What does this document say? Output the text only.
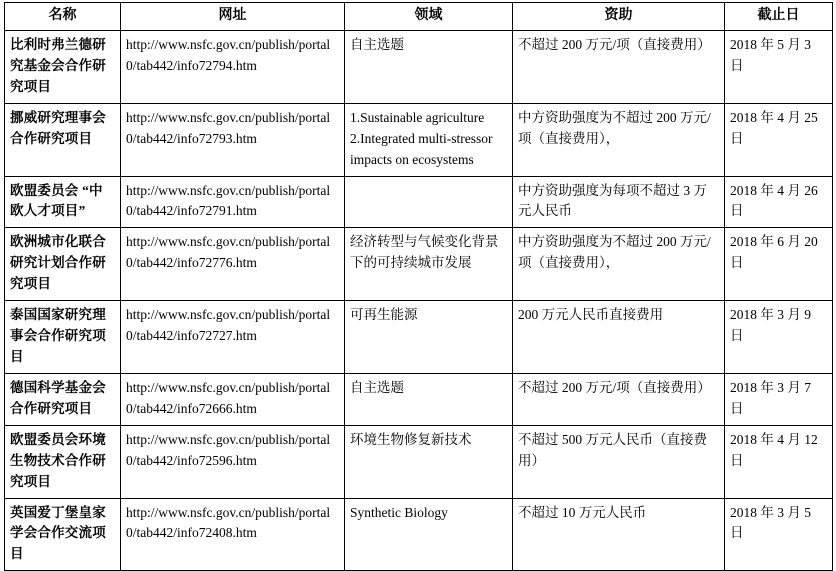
名称	网址	领域	资助	截止日
比利时弗兰德研究基金会合作研究项目	http://www.nsfc.gov.cn/publish/portal0/tab442/info72794.htm	自主选题	不超过 200 万元/项（直接费用）	2018 年 5 月 3 日
挪威研究理事会合作研究项目	http://www.nsfc.gov.cn/publish/portal0/tab442/info72793.htm	1.Sustainable agriculture 2.Integrated multi-stressor impacts on ecosystems	中方资助强度为不超过 200 万元/项（直接费用），	2018 年 4 月 25 日
欧盟委员会 “中欧人才项目”	http://www.nsfc.gov.cn/publish/portal0/tab442/info72791.htm		中方资助强度为每项不超过 3 万元人民币	2018 年 4 月 26 日
欧洲城市化联合研究计划合作研究项目	http://www.nsfc.gov.cn/publish/portal0/tab442/info72776.htm	经济转型与气候变化背景下的可持续城市发展	中方资助强度为不超过 200 万元/项（直接费用），	2018 年 6 月 20 日
泰国国家研究理事会合作研究项目	http://www.nsfc.gov.cn/publish/portal0/tab442/info72727.htm	可再生能源	200 万元人民币直接费用	2018 年 3 月 9 日
德国科学基金会合作研究项目	http://www.nsfc.gov.cn/publish/portal0/tab442/info72666.htm	自主选题	不超过 200 万元/项（直接费用）	2018 年 3 月 7 日
欧盟委员会环境生物技术合作研究项目	http://www.nsfc.gov.cn/publish/portal0/tab442/info72596.htm	环境生物修复新技术	不超过 500 万元人民币（直接费用）	2018 年 4 月 12 日
英国爱丁堡皇家学会合作交流项目	http://www.nsfc.gov.cn/publish/portal0/tab442/info72408.htm	Synthetic Biology	不超过 10 万元人民币	2018 年 3 月 5 日
